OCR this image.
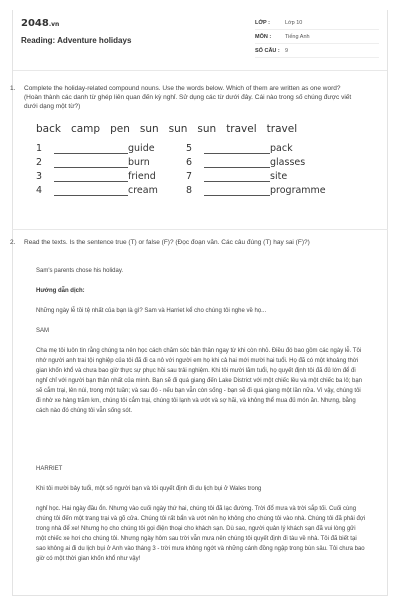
2048.vn
Reading: Adventure holidays
LỚP :	Lớp 10
MÔN :	Tiếng Anh
SỐ CÂU : 9
1. Complete the holiday-related compound nouns. Use the words below. Which of them are written as one word? (Hoàn thành các danh từ ghép liên quan đến kỳ nghỉ. Sử dụng các từ dưới đây. Cái nào trong số chúng được viết dưới dạng một từ?)
back camp pen sun sun sun travel travel
1	guide	5	pack
2	burn	6	glasses
3	friend	7	site
4	cream	8	programme
2. Read the texts. Is the sentence true (T) or false (F)? (Đọc đoạn văn. Các câu đúng (T) hay sai (F)?)
Sam's parents chose his holiday.
Hướng dẫn dịch:
Những ngày lễ tồi tệ nhất của bạn là gì? Sam và Harriet kể cho chúng tôi nghe về họ...
SAM
Cha mẹ tôi luôn tin rằng chúng ta nên học cách chăm sóc bản thân ngay từ khi còn nhỏ. Điều đó bao gồm các ngày lễ. Tôi nhớ người anh trai tội nghiệp của tôi đã đi ca nô với người em họ khi cả hai mới mười hai tuổi. Họ đã có một khoảng thời gian khốn khổ và chưa bao giờ thực sự phục hồi sau trải nghiệm. Khi tôi mười lăm tuổi, họ quyết định tôi đã đủ lớn để đi nghỉ chỉ với người bạn thân nhất của mình. Bạn sẽ đi quá giang đến Lake District với một chiếc lều và một chiếc ba lô; bạn sẽ cắm trại, lên núi, trong một tuần; và sau đó - nếu bạn vẫn còn sống - bạn sẽ đi quá giang một lần nữa. Vì vậy, chúng tôi đi nhờ xe hàng trăm km, chúng tôi cắm trại, chúng tôi lạnh và ướt và sợ hãi, và không thể mua đủ món ăn. Nhưng, bằng cách nào đó chúng tôi vẫn sống sót.
HARRIET
Khi tôi mười bảy tuổi, một số người bạn và tôi quyết định đi du lịch bụi ở Wales trong
nghỉ học. Hai ngày đầu ổn. Nhưng vào cuối ngày thứ hai, chúng tôi đã lạc đường. Trời đổ mưa và trời sắp tối. Cuối cùng chúng tôi đến một trang trại và gõ cửa. Chúng tôi rất bẩn và ướt nên họ không cho chúng tôi vào nhà. Chúng tôi đã phải đợi trong nhà để xe! Nhưng họ cho chúng tôi gọi điện thoại cho khách sạn. Dù sao, người quản lý khách sạn đã vui lòng gửi một chiếc xe hơi cho chúng tôi. Nhưng ngày hôm sau trời vẫn mưa nên chúng tôi quyết định đi tàu về nhà. Tôi đã biết tại sao không ai đi du lịch bụi ở Anh vào tháng 3 - trời mưa không ngớt và những cánh đồng ngập trong bùn sâu. Tôi chưa bao giờ có một thời gian khốn khổ như vậy!
